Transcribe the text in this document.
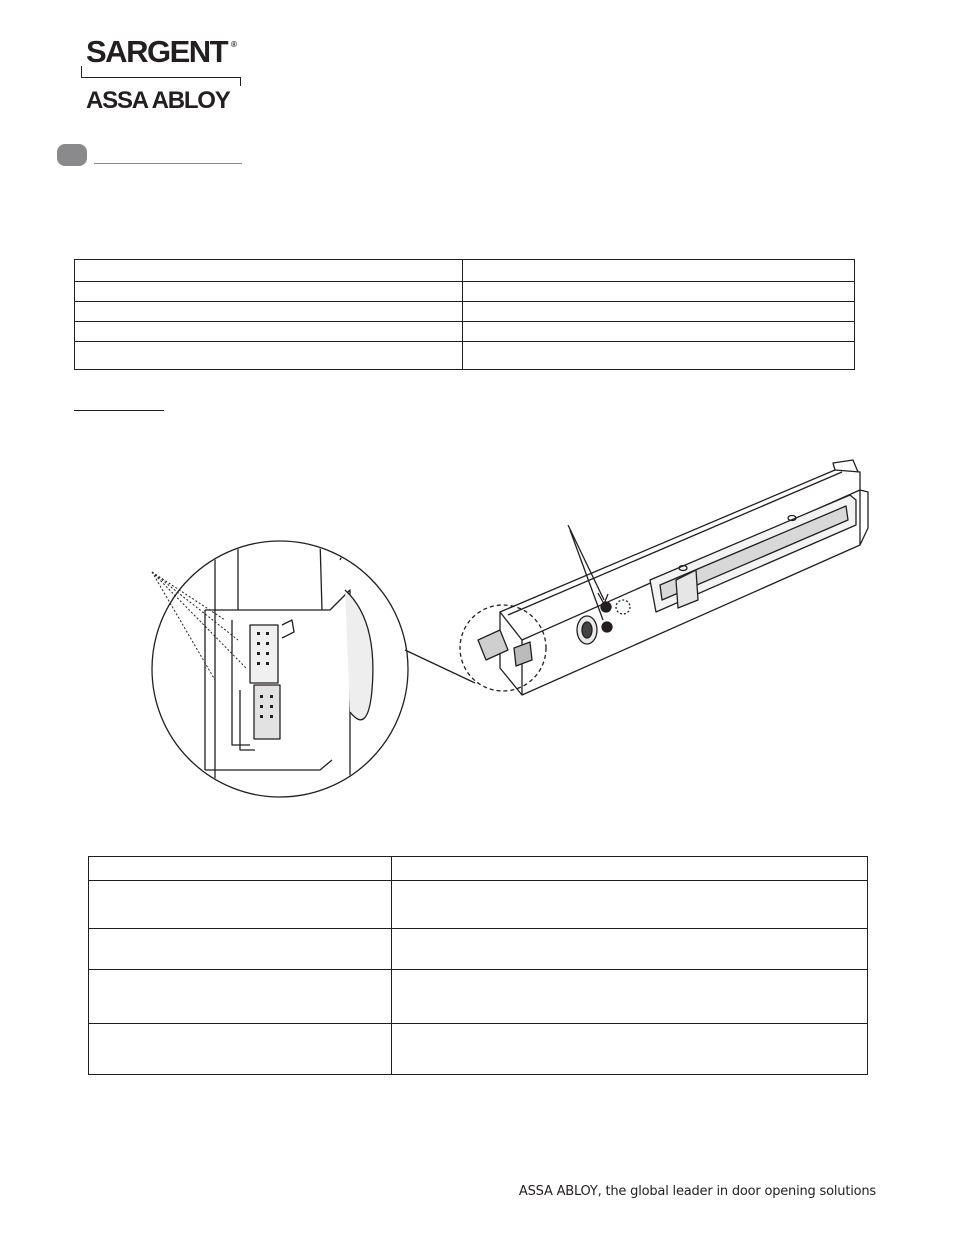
SARGENT ®
ASSA ABLOY

ASSA ABLOY, the global leader in door opening solutions
